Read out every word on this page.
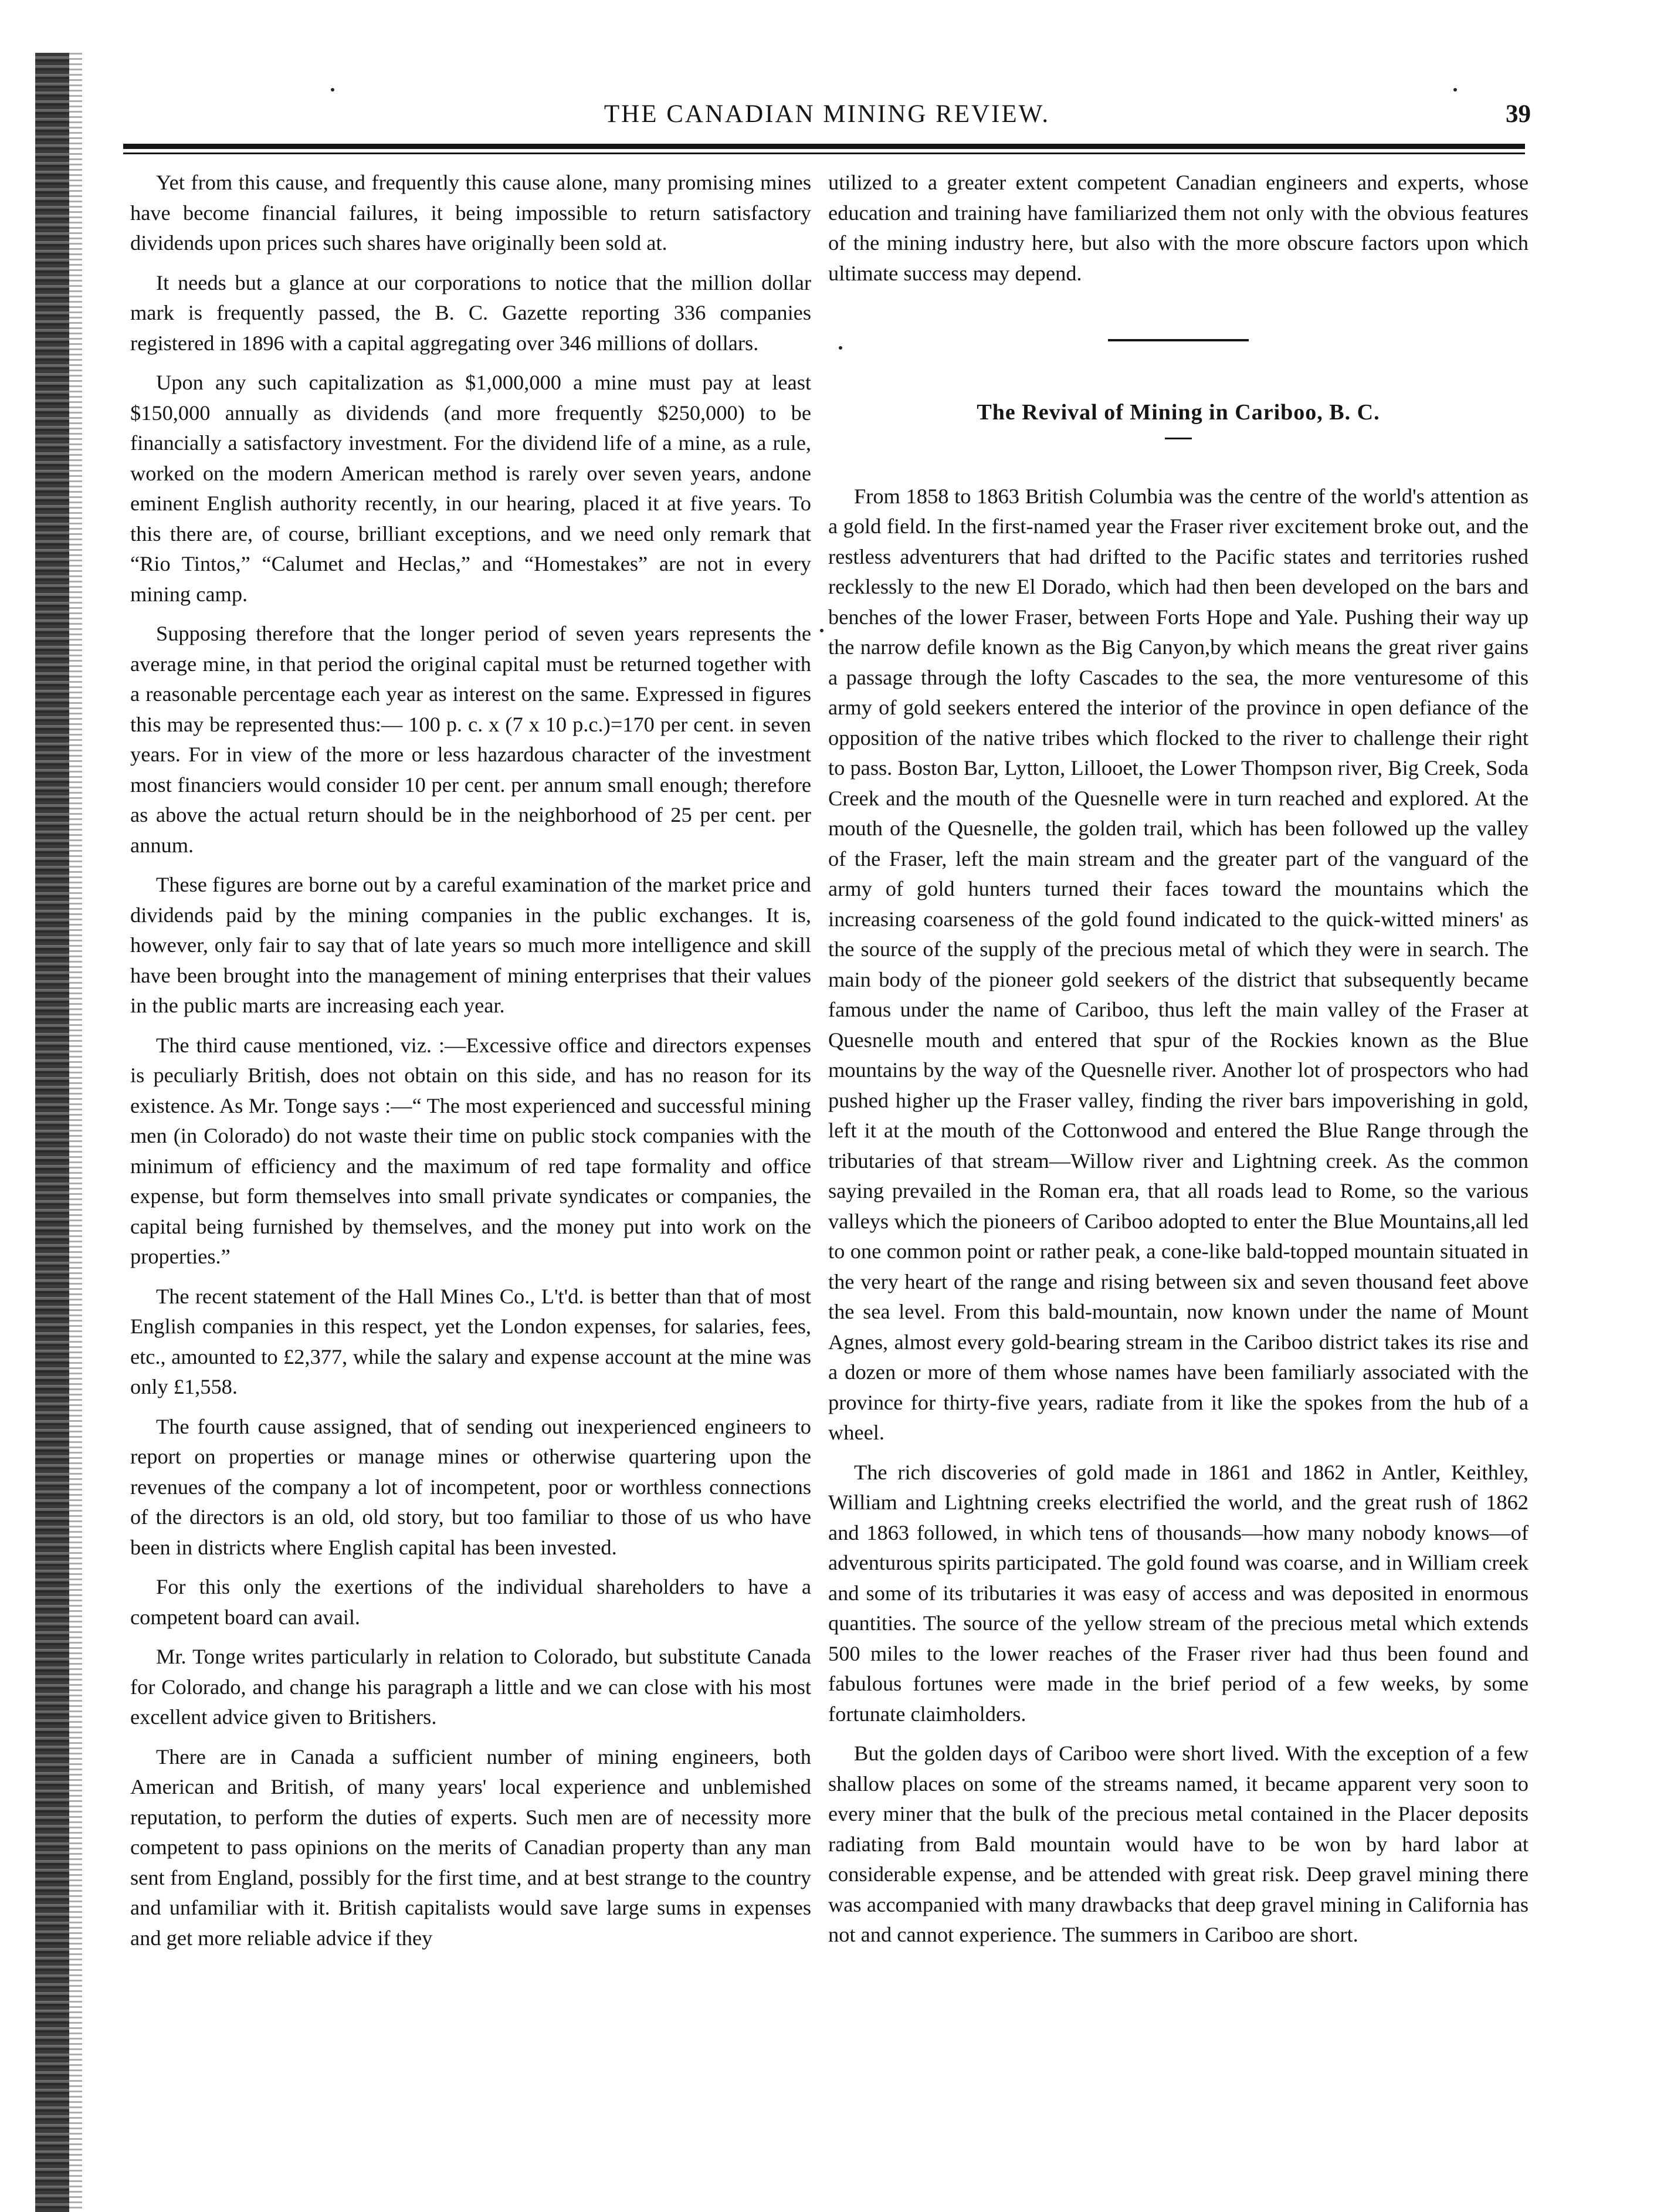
THE CANADIAN MINING REVIEW.	39

Yet from this cause, and frequently this cause alone, many promising mines have become financial failures, it being impossible to return satisfactory dividends upon prices such shares have originally been sold at.

It needs but a glance at our corporations to notice that the million dollar mark is frequently passed, the B. C. Gazette reporting 336 companies registered in 1896 with a capital aggregating over 346 millions of dollars.

Upon any such capitalization as $1,000,000 a mine must pay at least $150,000 annually as dividends (and more frequently $250,000) to be financially a satisfactory investment. For the dividend life of a mine, as a rule, worked on the modern American method is rarely over seven years, andone eminent English authority recently, in our hearing, placed it at five years. To this there are, of course, brilliant exceptions, and we need only remark that “Rio Tintos,” “Calumet and Heclas,” and “Homestakes” are not in every mining camp.

Supposing therefore that the longer period of seven years represents the average mine, in that period the original capital must be returned together with a reasonable percentage each year as interest on the same. Expressed in figures this may be represented thus:— 100 p. c. x (7 x 10 p.c.)=170 per cent. in seven years. For in view of the more or less hazardous character of the investment most financiers would consider 10 per cent. per annum small enough; therefore as above the actual return should be in the neighborhood of 25 per cent. per annum.

These figures are borne out by a careful examination of the market price and dividends paid by the mining companies in the public exchanges. It is, however, only fair to say that of late years so much more intelligence and skill have been brought into the management of mining enterprises that their values in the public marts are increasing each year.

The third cause mentioned, viz. :—Excessive office and directors expenses is peculiarly British, does not obtain on this side, and has no reason for its existence. As Mr. Tonge says :—“ The most experienced and successful mining men (in Colorado) do not waste their time on public stock companies with the minimum of efficiency and the maximum of red tape formality and office expense, but form themselves into small private syndicates or companies, the capital being furnished by themselves, and the money put into work on the properties.”

The recent statement of the Hall Mines Co., L't'd. is better than that of most English companies in this respect, yet the London expenses, for salaries, fees, etc., amounted to £2,377, while the salary and expense account at the mine was only £1,558.

The fourth cause assigned, that of sending out inexperienced engineers to report on properties or manage mines or otherwise quartering upon the revenues of the company a lot of incompetent, poor or worthless connections of the directors is an old, old story, but too familiar to those of us who have been in districts where English capital has been invested.

For this only the exertions of the individual shareholders to have a competent board can avail.

Mr. Tonge writes particularly in relation to Colorado, but substitute Canada for Colorado, and change his paragraph a little and we can close with his most excellent advice given to Britishers.

There are in Canada a sufficient number of mining engineers, both American and British, of many years' local experience and unblemished reputation, to perform the duties of experts. Such men are of necessity more competent to pass opinions on the merits of Canadian property than any man sent from England, possibly for the first time, and at best strange to the country and unfamiliar with it. British capitalists would save large sums in expenses and get more reliable advice if they

utilized to a greater extent competent Canadian engineers and experts, whose education and training have familiarized them not only with the obvious features of the mining industry here, but also with the more obscure factors upon which ultimate success may depend.

The Revival of Mining in Cariboo, B. C.

From 1858 to 1863 British Columbia was the centre of the world's attention as a gold field. In the first-named year the Fraser river excitement broke out, and the restless adventurers that had drifted to the Pacific states and territories rushed recklessly to the new El Dorado, which had then been developed on the bars and benches of the lower Fraser, between Forts Hope and Yale. Pushing their way up the narrow defile known as the Big Canyon,by which means the great river gains a passage through the lofty Cascades to the sea, the more venturesome of this army of gold seekers entered the interior of the province in open defiance of the opposition of the native tribes which flocked to the river to challenge their right to pass. Boston Bar, Lytton, Lillooet, the Lower Thompson river, Big Creek, Soda Creek and the mouth of the Quesnelle were in turn reached and explored. At the mouth of the Quesnelle, the golden trail, which has been followed up the valley of the Fraser, left the main stream and the greater part of the vanguard of the army of gold hunters turned their faces toward the mountains which the increasing coarseness of the gold found indicated to the quick-witted miners' as the source of the supply of the precious metal of which they were in search. The main body of the pioneer gold seekers of the district that subsequently became famous under the name of Cariboo, thus left the main valley of the Fraser at Quesnelle mouth and entered that spur of the Rockies known as the Blue mountains by the way of the Quesnelle river. Another lot of prospectors who had pushed higher up the Fraser valley, finding the river bars impoverishing in gold, left it at the mouth of the Cottonwood and entered the Blue Range through the tributaries of that stream—Willow river and Lightning creek. As the common saying prevailed in the Roman era, that all roads lead to Rome, so the various valleys which the pioneers of Cariboo adopted to enter the Blue Mountains,all led to one common point or rather peak, a cone-like bald-topped mountain situated in the very heart of the range and rising between six and seven thousand feet above the sea level. From this bald-mountain, now known under the name of Mount Agnes, almost every gold-bearing stream in the Cariboo district takes its rise and a dozen or more of them whose names have been familiarly associated with the province for thirty-five years, radiate from it like the spokes from the hub of a wheel.

The rich discoveries of gold made in 1861 and 1862 in Antler, Keithley, William and Lightning creeks electrified the world, and the great rush of 1862 and 1863 followed, in which tens of thousands—how many nobody knows—of adventurous spirits participated. The gold found was coarse, and in William creek and some of its tributaries it was easy of access and was deposited in enormous quantities. The source of the yellow stream of the precious metal which extends 500 miles to the lower reaches of the Fraser river had thus been found and fabulous fortunes were made in the brief period of a few weeks, by some fortunate claimholders.

But the golden days of Cariboo were short lived. With the exception of a few shallow places on some of the streams named, it became apparent very soon to every miner that the bulk of the precious metal contained in the Placer deposits radiating from Bald mountain would have to be won by hard labor at considerable expense, and be attended with great risk. Deep gravel mining there was accompanied with many drawbacks that deep gravel mining in California has not and cannot experience. The summers in Cariboo are short.
